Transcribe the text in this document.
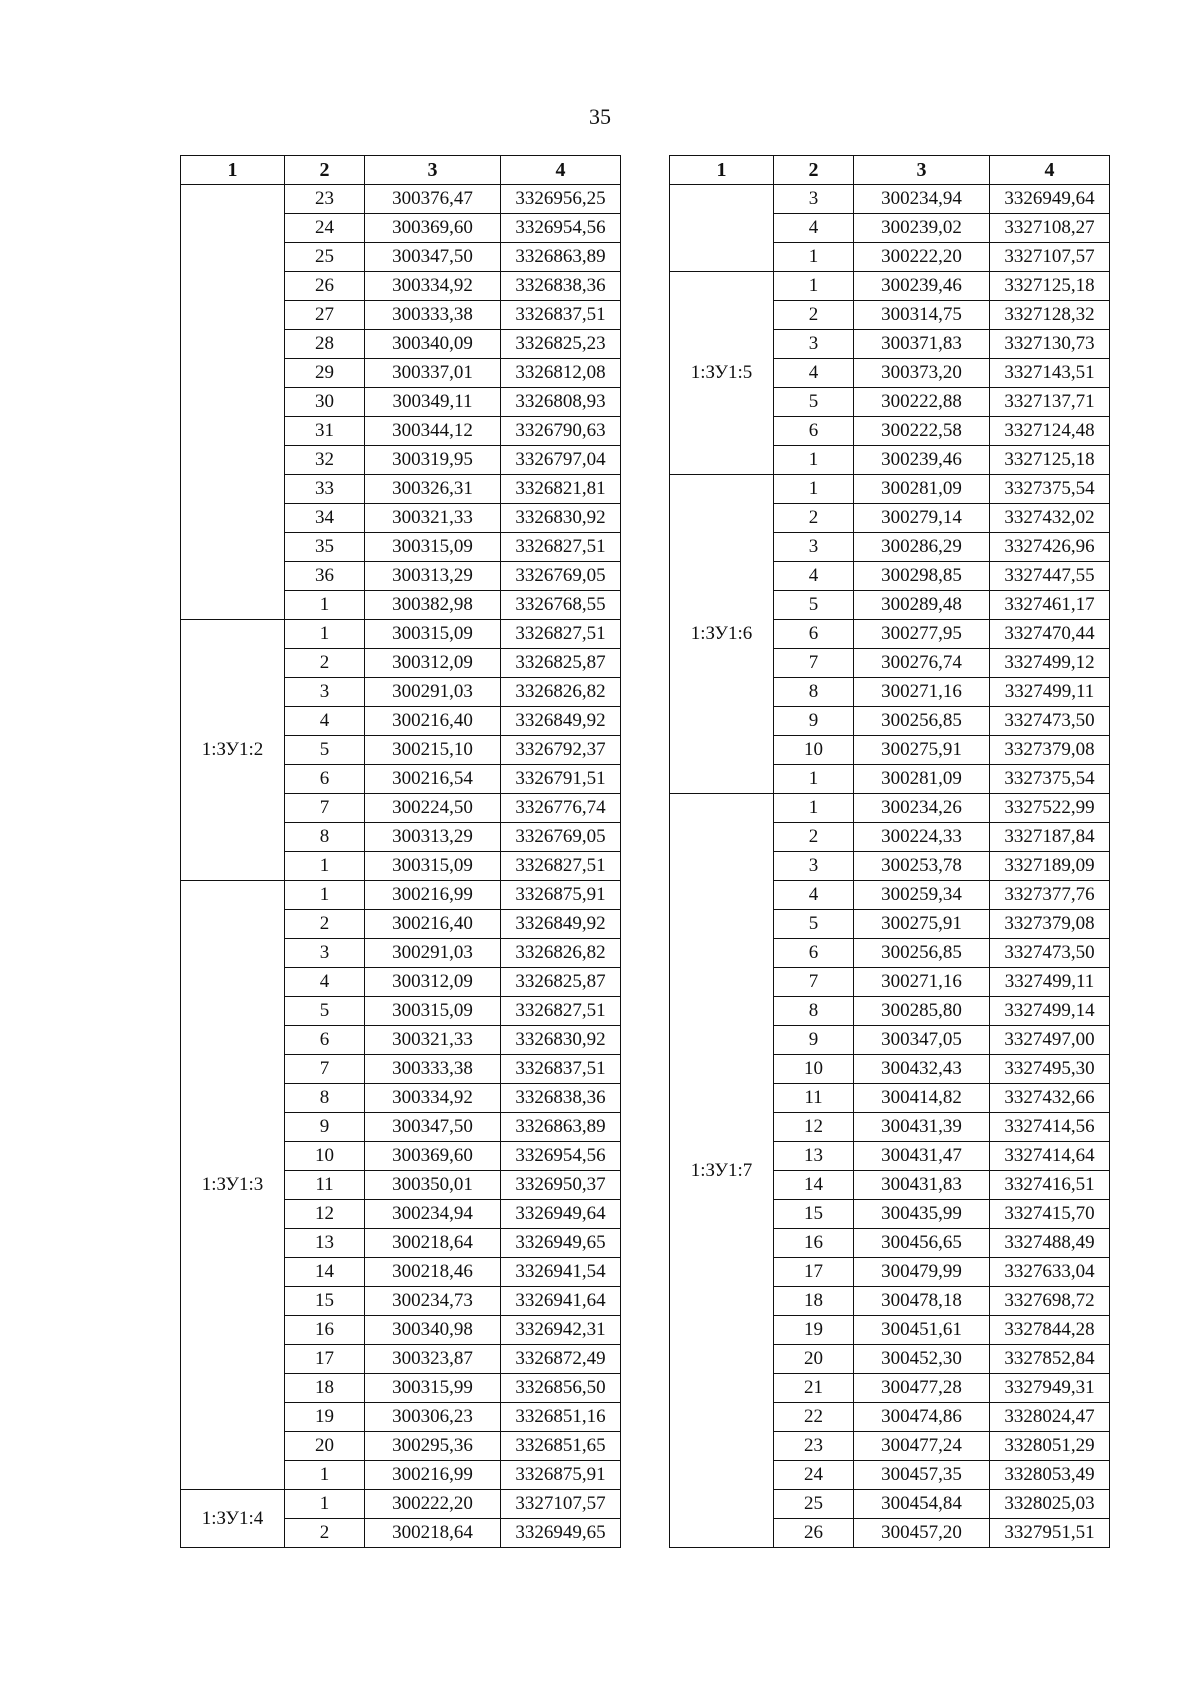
35
1	2	3	4
	23	300376,47	3326956,25
	24	300369,60	3326954,56
	25	300347,50	3326863,89
	26	300334,92	3326838,36
	27	300333,38	3326837,51
	28	300340,09	3326825,23
	29	300337,01	3326812,08
	30	300349,11	3326808,93
	31	300344,12	3326790,63
	32	300319,95	3326797,04
	33	300326,31	3326821,81
	34	300321,33	3326830,92
	35	300315,09	3326827,51
	36	300313,29	3326769,05
	1	300382,98	3326768,55
1:ЗУ1:2	1	300315,09	3326827,51
	2	300312,09	3326825,87
	3	300291,03	3326826,82
	4	300216,40	3326849,92
	5	300215,10	3326792,37
	6	300216,54	3326791,51
	7	300224,50	3326776,74
	8	300313,29	3326769,05
	1	300315,09	3326827,51
1:ЗУ1:3	1	300216,99	3326875,91
	2	300216,40	3326849,92
	3	300291,03	3326826,82
	4	300312,09	3326825,87
	5	300315,09	3326827,51
	6	300321,33	3326830,92
	7	300333,38	3326837,51
	8	300334,92	3326838,36
	9	300347,50	3326863,89
	10	300369,60	3326954,56
	11	300350,01	3326950,37
	12	300234,94	3326949,64
	13	300218,64	3326949,65
	14	300218,46	3326941,54
	15	300234,73	3326941,64
	16	300340,98	3326942,31
	17	300323,87	3326872,49
	18	300315,99	3326856,50
	19	300306,23	3326851,16
	20	300295,36	3326851,65
	1	300216,99	3326875,91
1:ЗУ1:4	1	300222,20	3327107,57
	2	300218,64	3326949,65
1	2	3	4
	3	300234,94	3326949,64
	4	300239,02	3327108,27
	1	300222,20	3327107,57
1:ЗУ1:5	1	300239,46	3327125,18
	2	300314,75	3327128,32
	3	300371,83	3327130,73
	4	300373,20	3327143,51
	5	300222,88	3327137,71
	6	300222,58	3327124,48
	1	300239,46	3327125,18
1:ЗУ1:6	1	300281,09	3327375,54
	2	300279,14	3327432,02
	3	300286,29	3327426,96
	4	300298,85	3327447,55
	5	300289,48	3327461,17
	6	300277,95	3327470,44
	7	300276,74	3327499,12
	8	300271,16	3327499,11
	9	300256,85	3327473,50
	10	300275,91	3327379,08
	1	300281,09	3327375,54
1:ЗУ1:7	1	300234,26	3327522,99
	2	300224,33	3327187,84
	3	300253,78	3327189,09
	4	300259,34	3327377,76
	5	300275,91	3327379,08
	6	300256,85	3327473,50
	7	300271,16	3327499,11
	8	300285,80	3327499,14
	9	300347,05	3327497,00
	10	300432,43	3327495,30
	11	300414,82	3327432,66
	12	300431,39	3327414,56
	13	300431,47	3327414,64
	14	300431,83	3327416,51
	15	300435,99	3327415,70
	16	300456,65	3327488,49
	17	300479,99	3327633,04
	18	300478,18	3327698,72
	19	300451,61	3327844,28
	20	300452,30	3327852,84
	21	300477,28	3327949,31
	22	300474,86	3328024,47
	23	300477,24	3328051,29
	24	300457,35	3328053,49
	25	300454,84	3328025,03
	26	300457,20	3327951,51
